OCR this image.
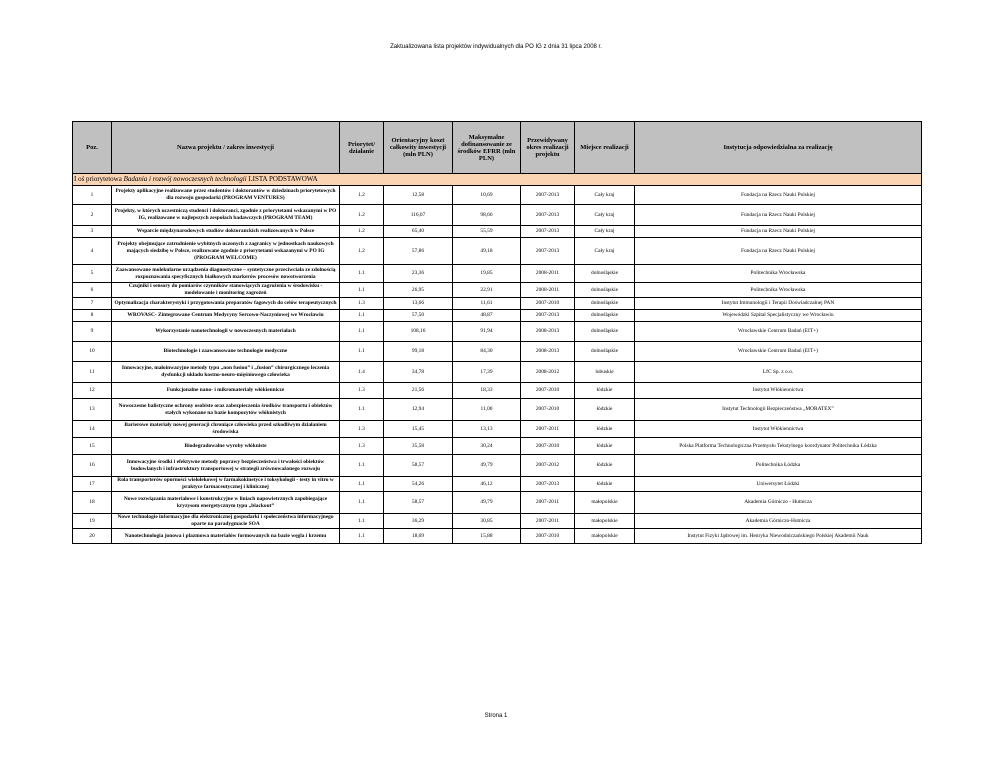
Zaktualizowana lista projektów indywidualnych dla PO IG z dnia 31 lipca 2008 r.
Poz.	Nazwa projektu / zakres inwestycji	Priorytet/ działanie	Orientacyjny koszt całkowity inwestycji (mln PLN)	Maksymalne dofinansowanie ze środków EFRR (mln PLN)	Przewidywany okres realizacji projektu	Miejsce realizacji	Instytucja odpowiedzialna za realizację
I oś priorytetowa Badania i rozwój nowoczesnych technologii LISTA PODSTAWOWA							
1	Projekty aplikacyjne realizowane przez studentów i doktorantów w dziedzinach priorytetowych dla rozwoju gospodarki (PROGRAM VENTURES)	1.2	12,58	10,69	2007-2013	Cały kraj	Fundacja na Rzecz Nauki Polskiej
2	Projekty, w których uczestniczą studenci i doktoranci, zgodnie z priorytetami wskazanymi w PO IG, realizowane w najlepszych zespołach badawczych (PROGRAM TEAM)	1.2	116,07	98,66	2007-2013	Cały kraj	Fundacja na Rzecz Nauki Polskiej
3	Wsparcie międzynarodowych studiów doktoranckich realizowanych w Polsce	1.2	65,40	55,59	2007-2013	Cały kraj	Fundacja na Rzecz Nauki Polskiej
4	Projekty obejmujące zatrudnienie wybitnych uczonych z zagranicy w jednostkach naukowych mających siedzibę w Polsce, realizowane zgodnie z priorytetami wskazanymi w PO IG (PROGRAM WELCOME)	1.2	57,86	49,18	2007-2013	Cały kraj	Fundacja na Rzecz Nauki Polskiej
5	Zaawansowane molekularne urządzenia diagnostyczne – syntetyczne przeciwciała ze zdolnością rozpoznawania specyficznych białkowych markerów procesów nowotworzenia	1.1	23,36	19,85	2008-2011	dolnośląskie	Politechnika Wrocławska
6	Czujniki i sensory do pomiarów czynników stanowiących zagrożenia w środowisku - modelowanie i monitoring zagrożeń	1.1	26,95	22,91	2008-2011	dolnośląskie	Politechnika Wrocławska
7	Optymalizacja charakterystyki i przygotowania preparatów fagowych do celów terapeutycznych	1.3	13,66	11,61	2007-2010	dolnośląskie	Instytut Immunologii i Terapii Doświadczalnej PAN
8	WROVASC- Zintegrowane Centrum Medycyny Sercowo-Naczyniowej we Wrocławiu	1.1	57,50	48,87	2007-2013	dolnośląskie	Wojewódzki Szpital Specjalistyczny we Wrocławiu
9	Wykorzystanie nanotechnologii w nowoczesnych materiałach	1.1	108,16	91,94	2008-2013	dolnośląskie	Wrocławskie Centrum Badań (EIT+)
10	Biotechnologie i zaawansowane technologie medyczne	1.1	99,18	84,30	2008-2013	dolnośląskie	Wrocławskie Centrum Badań (EIT+)
11	Innowacyjne, małoinwazyjne metody typu „non fusion” i „fusion” chirurgicznego leczenia dysfunkcji układu kostno-neuro-mięśniowego człowieka	1.4	34,78	17,39	2008-2012	lubuskie	LfC Sp. z o.o.
12	Funkcjonalne nano- i mikromateriały włókiennicze	1.3	21,56	18,33	2007-2010	łódzkie	Instytut Włókiennictwa
13	Nowoczesne balistyczne ochrony osobiste oraz zabezpieczenia środków transportu i obiektów stałych wykonane na bazie kompozytów włóknistych	1.1	12,94	11,00	2007-2010	łódzkie	Instytut Technologii Bezpieczeństwa „MORATEX”
14	Barierowe materiały nowej generacji chroniące człowieka przed szkodliwym działaniem środowiska	1.3	15,45	13,13	2007-2011	łódzkie	Instytut Włókiennictwa
15	Biodegradowalne wyroby włókniste	1.3	35,58	30,24	2007-2010	łódzkie	Polska Platforma Technologiczna Przemysłu Tekstylnego koordynator Politechnika Łódzka
16	Innowacyjne środki i efektywne metody poprawy bezpieczeństwa i trwałości obiektów budowlanych i infrastruktury transportowej w strategii zrównoważonego rozwoju	1.1	58,57	49,79	2007-2012	łódzkie	Politechnika Łódzka
17	Rola transporterów oporności wielolekowej w farmakokinetyce i toksykologii - testy in vitro w praktyce farmaceutycznej i klinicznej	1.1	54,26	46,12	2007-2013	łódzkie	Uniwersytet Łódzki
18	Nowe rozwiązania materiałowe i konstrukcyjne w liniach napowietrznych zapobiegające kryzysom energetycznym typu „blackout”	1.1	58,57	49,79	2007-2011	małopolskie	Akademia Górniczo - Hutnicza
19	Nowe technologie informacyjne dla elektronicznej gospodarki i społeczeństwa informacyjnego oparte na paradygmacie SOA	1.1	36,29	30,85	2007-2011	małopolskie	Akademia Górniczo-Hutnicza
20	Nanotechnologia jonowa i plazmowa materiałów formowanych na bazie węgla i krzemu	1.1	18,69	15,88	2007-2010	małopolskie	Instytut Fizyki Jądrowej im. Henryka Niewodniczańskiego Polskiej Akademii Nauk
Strona 1
